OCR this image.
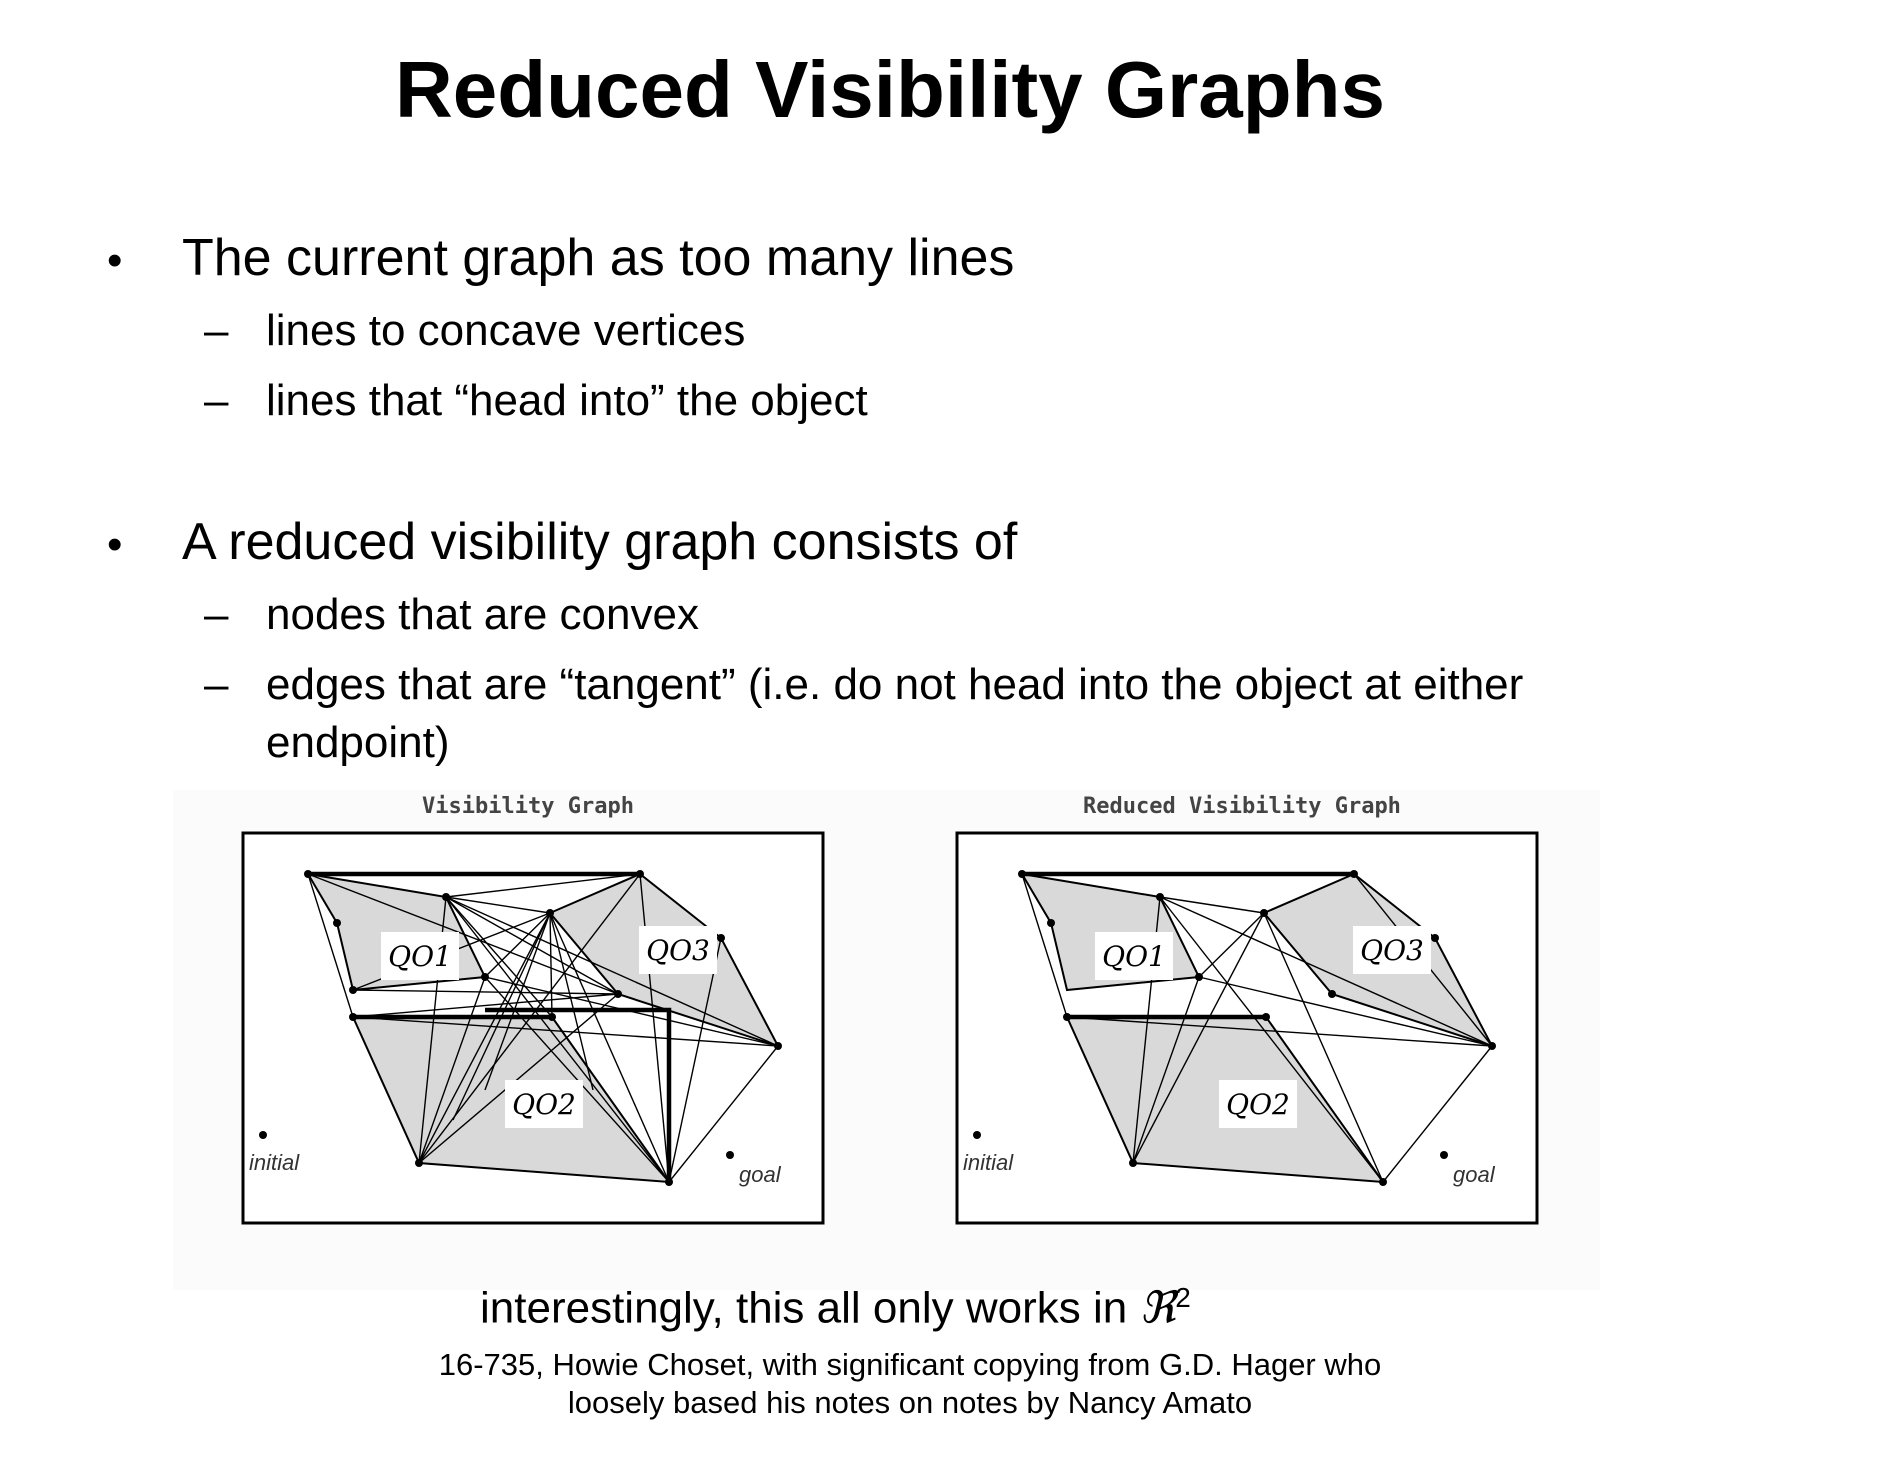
Reduced Visibility Graphs
• The current graph as too many lines
– lines to concave vertices
– lines that “head into” the object
• A reduced visibility graph consists of
– nodes that are convex
– edges that are “tangent” (i.e. do not head into the object at either endpoint)
Visibility Graph
QO1	QO3
QO2
initial	goal
Reduced Visibility Graph
QO1	QO3
QO2
initial	goal
interestingly, this all only works in ℜ$^2$
16-735, Howie Choset, with significant copying from G.D. Hager who
loosely based his notes on notes by Nancy Amato
